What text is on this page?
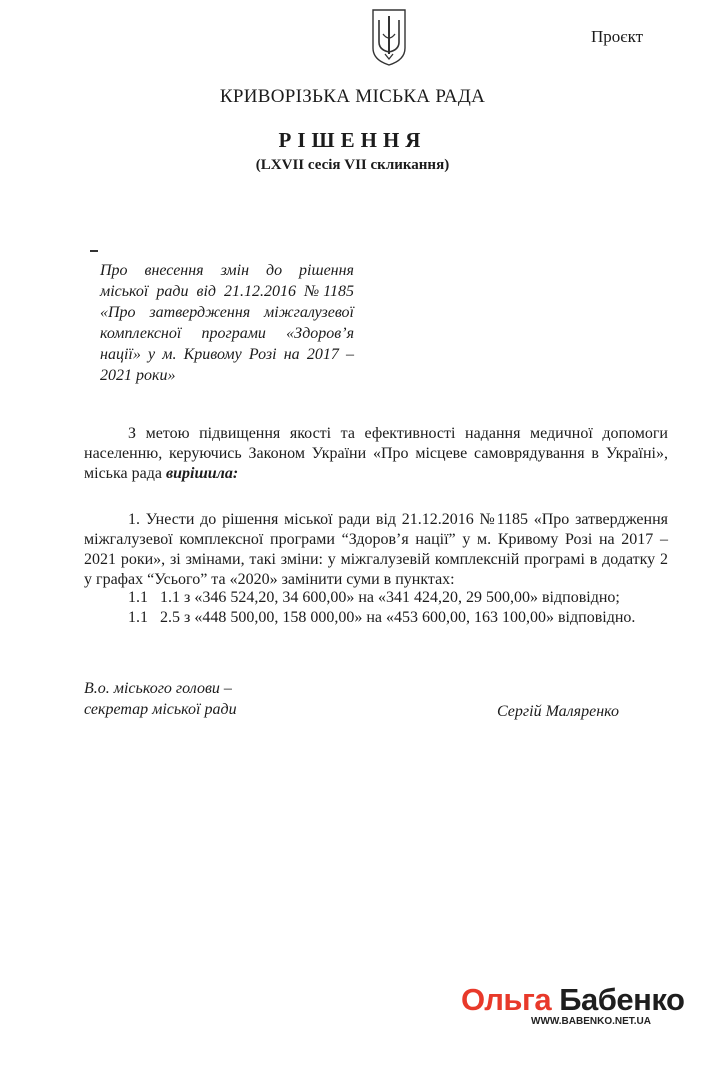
Проєкт
КРИВОРІЗЬКА МІСЬКА РАДА
РІШЕННЯ
(LXVII сесія VII скликання)
Про внесення змін до рішення міської ради від 21.12.2016 №1185 «Про затвердження міжгалузевої комплексної програми «Здоров’я нації» у м. Кривому Розі на 2017 – 2021 роки»
З метою підвищення якості та ефективності надання медичної допомоги населенню, керуючись Законом України «Про місцеве самоврядування в Україні», міська рада вирішила:
1. Унести до рішення міської ради від 21.12.2016 №1185 «Про затвердження міжгалузевої комплексної програми “Здоров’я нації” у м. Кривому Розі на 2017 – 2021 роки», зі змінами, такі зміни: у міжгалузевій комплексній програмі в додатку 2 у графах “Усього” та «2020» замінити суми в пунктах:
1.1 1.1 з «346 524,20, 34 600,00» на «341 424,20, 29 500,00» відповідно;
1.1 2.5 з «448 500,00, 158 000,00» на «453 600,00, 163 100,00» відповідно.
В.о. міського голови –
секретар міської ради	Сергій Маляренко
Ольга Бабенко
WWW.BABENKO.NET.UA
